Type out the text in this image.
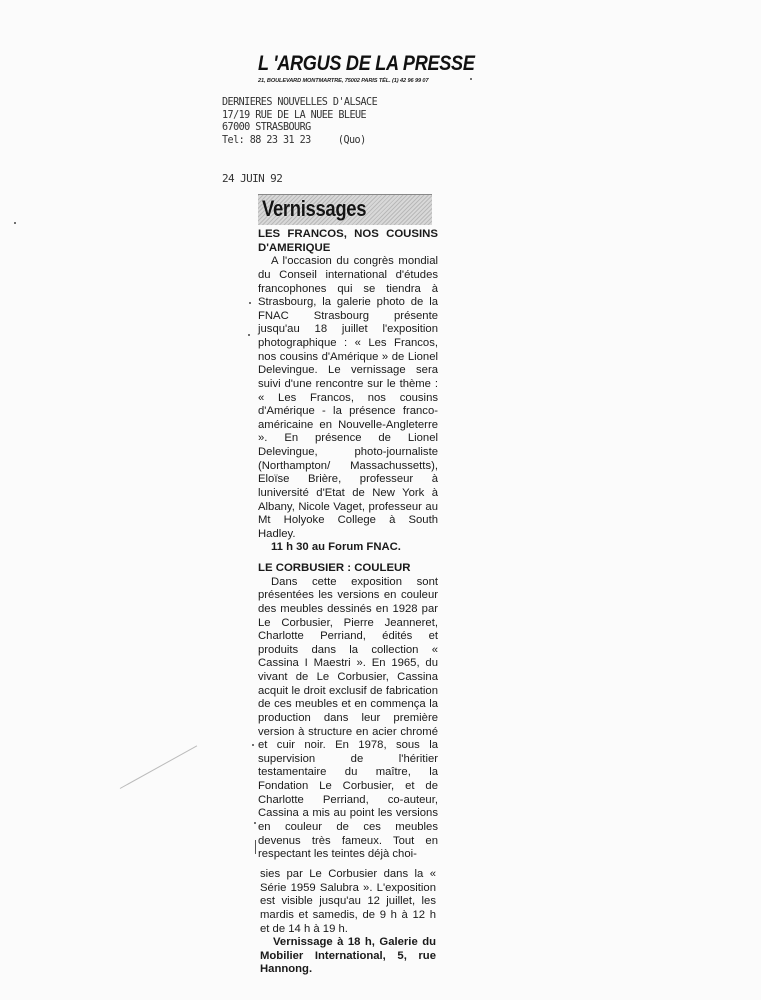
L 'ARGUS DE LA PRESSE
21, BOULEVARD MONTMARTRE, 75002 PARIS TÉL. (1) 42 96 99 07
DERNIERES NOUVELLES D'ALSACE
17/19 RUE DE LA NUEE BLEUE
67000 STRASBOURG
Tel: 88 23 31 23 (Quo)
24 JUIN 92
Vernissages

LES FRANCOS, NOS COUSINS D'AMERIQUE

A l'occasion du congrès mondial du Conseil international d'études francophones qui se tiendra à Strasbourg, la galerie photo de la FNAC Strasbourg présente jusqu'au 18 juillet l'exposition photographique : « Les Francos, nos cousins d'Amérique » de Lionel Delevingue. Le vernissage sera suivi d'une rencontre sur le thème : « Les Francos, nos cousins d'Amérique - la présence franco-américaine en Nouvelle-Angleterre ». En présence de Lionel Delevingue, photo-journaliste (Northampton/ Massachussetts), Eloïse Brière, professeur à luniversité d'Etat de New York à Albany, Nicole Vaget, professeur au Mt Holyoke College à South Hadley.

11 h 30 au Forum FNAC.

LE CORBUSIER : COULEUR

Dans cette exposition sont présentées les versions en couleur des meubles dessinés en 1928 par Le Corbusier, Pierre Jeanneret, Charlotte Perriand, édités et produits dans la collection « Cassina I Maestri ». En 1965, du vivant de Le Corbusier, Cassina acquit le droit exclusif de fabrication de ces meubles et en commença la production dans leur première version à structure en acier chromé et cuir noir. En 1978, sous la supervision de l'héritier testamentaire du maître, la Fondation Le Corbusier, et de Charlotte Perriand, co-auteur, Cassina a mis au point les versions en couleur de ces meubles devenus très fameux. Tout en respectant les teintes déjà choi-

sies par Le Corbusier dans la « Série 1959 Salubra ». L'exposition est visible jusqu'au 12 juillet, les mardis et samedis, de 9 h à 12 h et de 14 h à 19 h.

Vernissage à 18 h, Galerie du Mobilier International, 5, rue Hannong.
